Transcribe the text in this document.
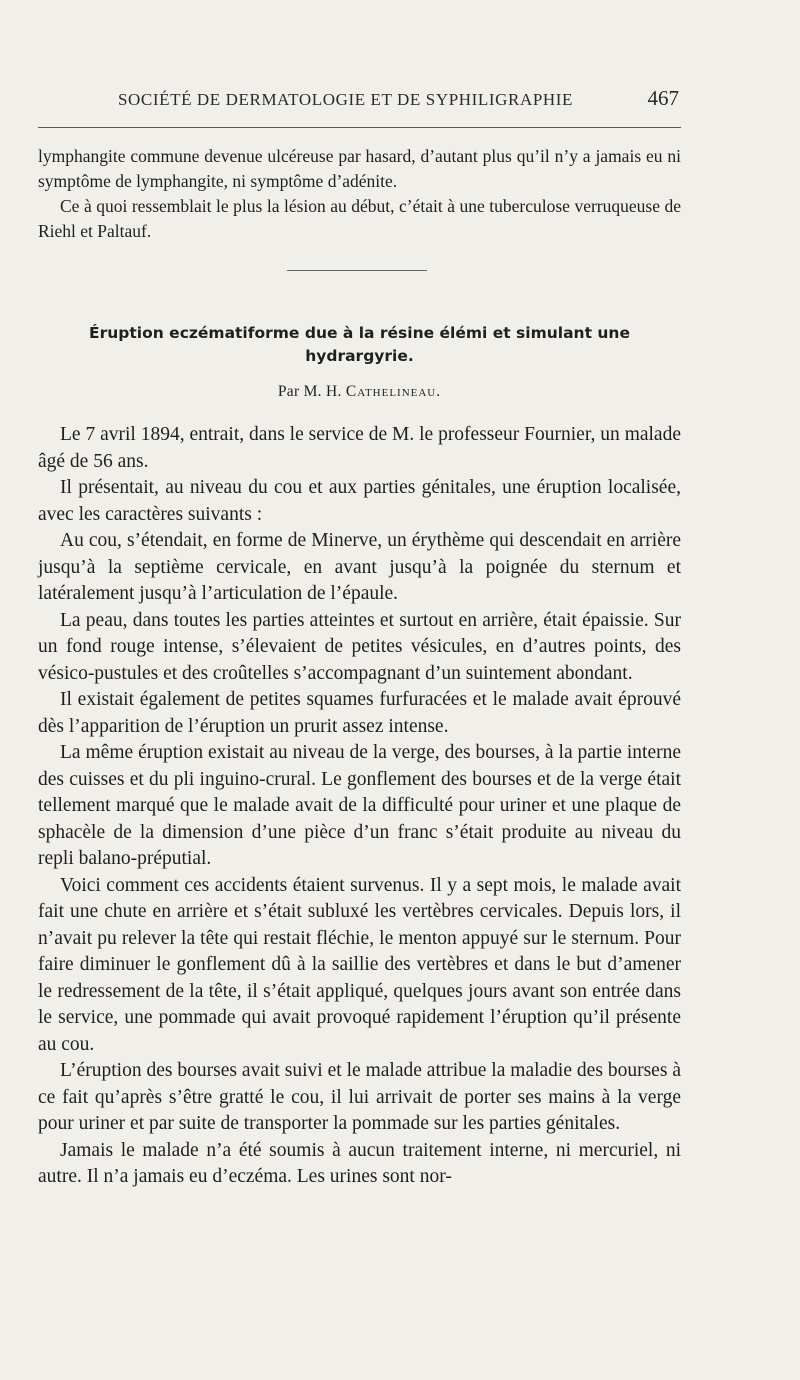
SOCIÉTÉ DE DERMATOLOGIE ET DE SYPHILIGRAPHIE	467

lymphangite commune devenue ulcéreuse par hasard, d’autant plus qu’il n’y a jamais eu ni symptôme de lymphangite, ni symptôme d’adénite.

Ce à quoi ressemblait le plus la lésion au début, c’était à une tuberculose verruqueuse de Riehl et Paltauf.

Éruption eczématiforme due à la résine élémi et simulant une hydrargyrie.
Par M. H. Cathelineau.

Le 7 avril 1894, entrait, dans le service de M. le professeur Fournier, un malade âgé de 56 ans.

Il présentait, au niveau du cou et aux parties génitales, une éruption localisée, avec les caractères suivants :

Au cou, s’étendait, en forme de Minerve, un érythème qui descendait en arrière jusqu’à la septième cervicale, en avant jusqu’à la poignée du sternum et latéralement jusqu’à l’articulation de l’épaule.

La peau, dans toutes les parties atteintes et surtout en arrière, était épaissie. Sur un fond rouge intense, s’élevaient de petites vésicules, en d’autres points, des vésico-pustules et des croûtelles s’accompagnant d’un suintement abondant.

Il existait également de petites squames furfuracées et le malade avait éprouvé dès l’apparition de l’éruption un prurit assez intense.

La même éruption existait au niveau de la verge, des bourses, à la partie interne des cuisses et du pli inguino-crural. Le gonflement des bourses et de la verge était tellement marqué que le malade avait de la difficulté pour uriner et une plaque de sphacèle de la dimension d’une pièce d’un franc s’était produite au niveau du repli balano-préputial.

Voici comment ces accidents étaient survenus. Il y a sept mois, le malade avait fait une chute en arrière et s’était subluxé les vertèbres cervicales. Depuis lors, il n’avait pu relever la tête qui restait fléchie, le menton appuyé sur le sternum. Pour faire diminuer le gonflement dû à la saillie des vertèbres et dans le but d’amener le redressement de la tête, il s’était appliqué, quelques jours avant son entrée dans le service, une pommade qui avait provoqué rapidement l’éruption qu’il présente au cou.

L’éruption des bourses avait suivi et le malade attribue la maladie des bourses à ce fait qu’après s’être gratté le cou, il lui arrivait de porter ses mains à la verge pour uriner et par suite de transporter la pommade sur les parties génitales.

Jamais le malade n’a été soumis à aucun traitement interne, ni mercuriel, ni autre. Il n’a jamais eu d’eczéma. Les urines sont nor-
